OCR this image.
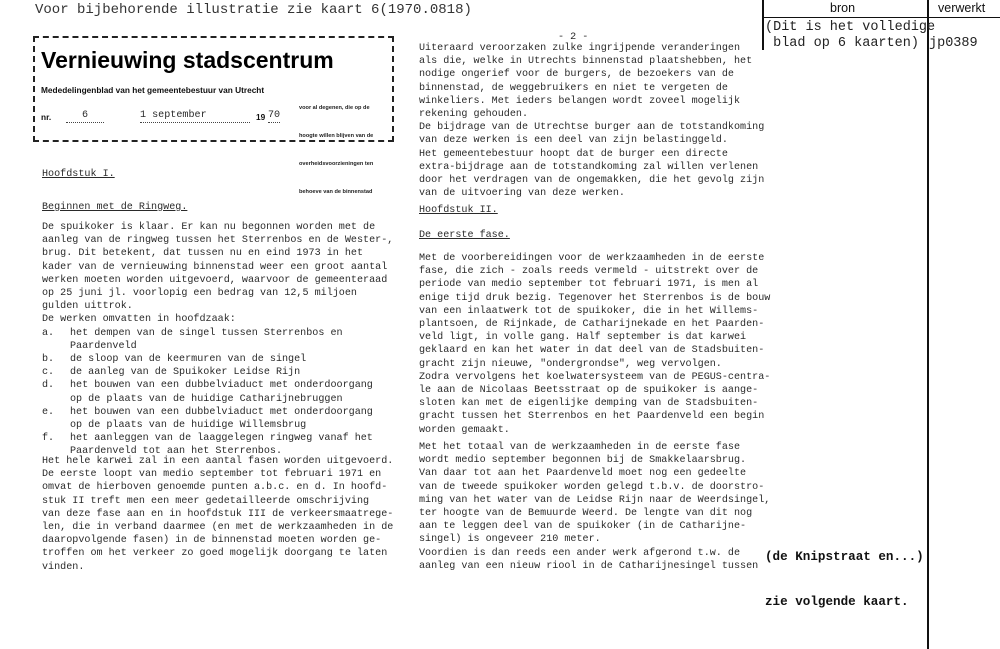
bron	verwerkt
(Dit is het volledige
blad op 6 kaarten) jp0389
Voor bijbehorende illustratie zie kaart 6(1970.0818)
Vernieuwing stadscentrum
Mededelingenblad van het gemeentebestuur van Utrecht
nr.	6	1 september	19 70

voor al degenen, die op de

hoogte willen blijven van de

overheidsvoorzieningen ten

behoeve van de binnenstad

- 2 -
Hoofdstuk I.
Beginnen met de Ringweg.
De spuikoker is klaar. Er kan nu begonnen worden met de
aanleg van de ringweg tussen het Sterrenbos en de Wester-,
brug. Dit betekent, dat tussen nu en eind 1973 in het
kader van de vernieuwing binnenstad weer een groot aantal
werken moeten worden uitgevoerd, waarvoor de gemeenteraad
op 25 juni jl. voorlopig een bedrag van 12,5 miljoen
gulden uittrok.
De werken omvatten in hoofdzaak:
a. het dempen van de singel tussen Sterrenbos en
Paardenveld
b. de sloop van de keermuren van de singel
c. de aanleg van de Spuikoker Leidse Rijn
d. het bouwen van een dubbelviaduct met onderdoorgang
op de plaats van de huidige Catharijnebruggen
e. het bouwen van een dubbelviaduct met onderdoorgang
op de plaats van de huidige Willemsbrug
f. het aanleggen van de laaggelegen ringweg vanaf het
Paardenveld tot aan het Sterrenbos.
Het hele karwei zal in een aantal fasen worden uitgevoerd.
De eerste loopt van medio september tot februari 1971 en
omvat de hierboven genoemde punten a.b.c. en d. In hoofd-
stuk II treft men een meer gedetailleerde omschrijving
van deze fase aan en in hoofdstuk III de verkeersmaatrege-
len, die in verband daarmee (en met de werkzaamheden in de
daaropvolgende fasen) in de binnenstad moeten worden ge-
troffen om het verkeer zo goed mogelijk doorgang te laten
vinden.
Uiteraard veroorzaken zulke ingrijpende veranderingen
als die, welke in Utrechts binnenstad plaatshebben, het
nodige ongerief voor de burgers, de bezoekers van de
binnenstad, de weggebruikers en niet te vergeten de
winkeliers. Met ieders belangen wordt zoveel mogelijk
rekening gehouden.
De bijdrage van de Utrechtse burger aan de totstandkoming
van deze werken is een deel van zijn belastinggeld.
Het gemeentebestuur hoopt dat de burger een directe
extra-bijdrage aan de totstandkoming zal willen verlenen
door het verdragen van de ongemakken, die het gevolg zijn
van de uitvoering van deze werken.
Hoofdstuk II.
De eerste fase.
Met de voorbereidingen voor de werkzaamheden in de eerste
fase, die zich - zoals reeds vermeld - uitstrekt over de
periode van medio september tot februari 1971, is men al
enige tijd druk bezig. Tegenover het Sterrenbos is de bouw
van een inlaatwerk tot de spuikoker, die in het Willems-
plantsoen, de Rijnkade, de Catharijnekade en het Paarden-
veld ligt, in volle gang. Half september is dat karwei
geklaard en kan het water in dat deel van de Stadsbuiten-
gracht zijn nieuwe, "ondergrondse", weg vervolgen.
Zodra vervolgens het koelwatersysteem van de PEGUS-centra-
le aan de Nicolaas Beetsstraat op de spuikoker is aange-
sloten kan met de eigenlijke demping van de Stadsbuiten-
gracht tussen het Sterrenbos en het Paardenveld een begin
worden gemaakt.
Met het totaal van de werkzaamheden in de eerste fase
wordt medio september begonnen bij de Smakkelaarsbrug.
Van daar tot aan het Paardenveld moet nog een gedeelte
van de tweede spuikoker worden gelegd t.b.v. de doorstro-
ming van het water van de Leidse Rijn naar de Weerdsingel,
ter hoogte van de Bemuurde Weerd. De lengte van dit nog
aan te leggen deel van de spuikoker (in de Catharijne-
singel) is ongeveer 210 meter.
Voordien is dan reeds een ander werk afgerond t.w. de
aanleg van een nieuw riool in de Catharijnesingel tussen

(de Knipstraat en...)

zie volgende kaart.
